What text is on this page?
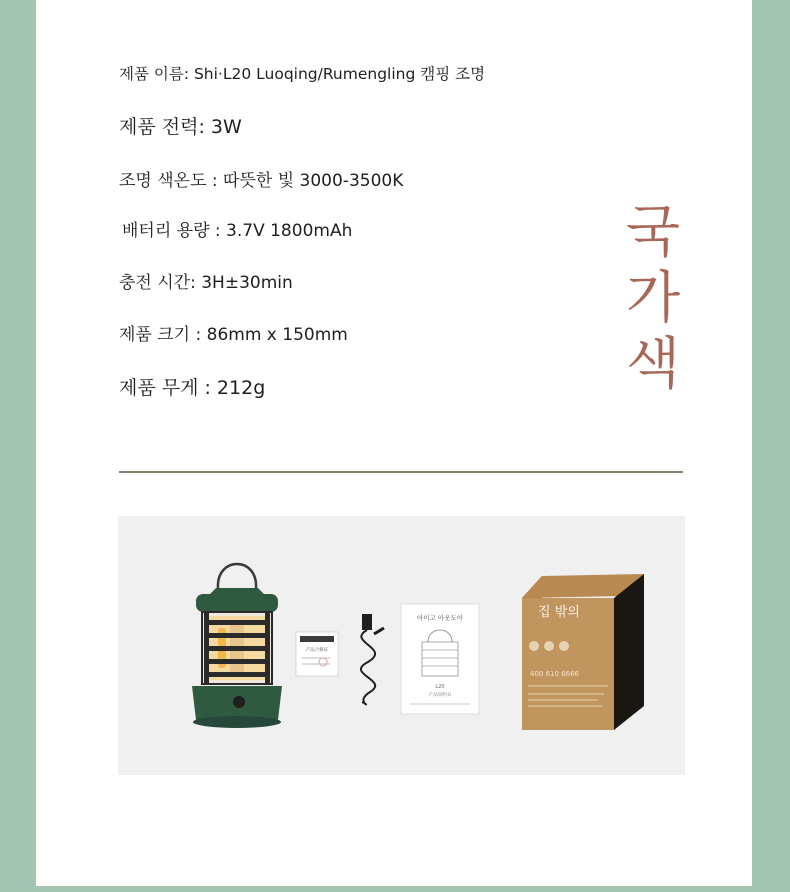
제품 이름: Shi·L20 Luoqing/Rumengling 캠핑 조명

제품 전력: 3W

조명 색온도 : 따뜻한 빛 3000-3500K

배터리 용량 : 3.7V 1800mAh

충전 시간: 3H±30min

제품 크기 : 86mm x 150mm

제품 무게 : 212g

국
가
색
产品合格证
아이고 아웃도어
L20
产品说明书
집 밖의
400 610 6666
